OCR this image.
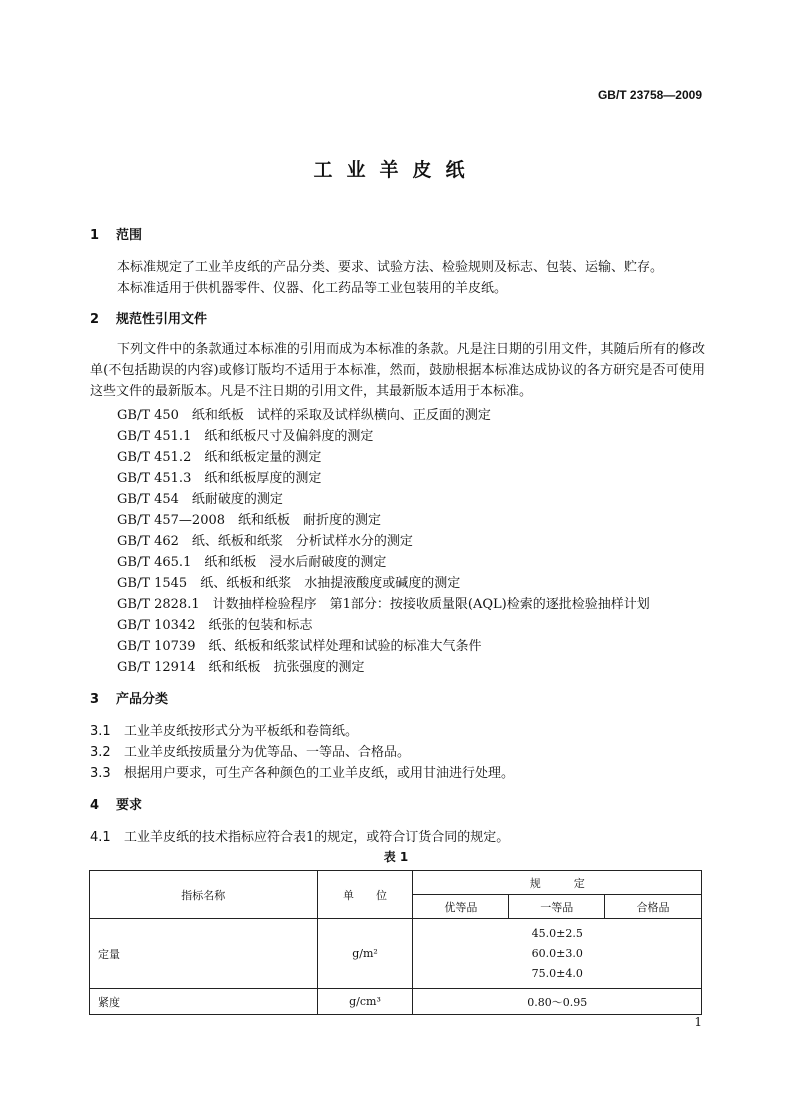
GB/T 23758—2009
工业羊皮纸
1 范围
本标准规定了工业羊皮纸的产品分类、要求、试验方法、检验规则及标志、包装、运输、贮存。
本标准适用于供机器零件、仪器、化工药品等工业包装用的羊皮纸。
2 规范性引用文件
下列文件中的条款通过本标准的引用而成为本标准的条款。凡是注日期的引用文件，其随后所有的修改单(不包括勘误的内容)或修订版均不适用于本标准，然而，鼓励根据本标准达成协议的各方研究是否可使用这些文件的最新版本。凡是不注日期的引用文件，其最新版本适用于本标准。
GB/T 450　纸和纸板　试样的采取及试样纵横向、正反面的测定
GB/T 451.1　纸和纸板尺寸及偏斜度的测定
GB/T 451.2　纸和纸板定量的测定
GB/T 451.3　纸和纸板厚度的测定
GB/T 454　纸耐破度的测定
GB/T 457—2008　纸和纸板　耐折度的测定
GB/T 462　纸、纸板和纸浆　分析试样水分的测定
GB/T 465.1　纸和纸板　浸水后耐破度的测定
GB/T 1545　纸、纸板和纸浆　水抽提液酸度或碱度的测定
GB/T 2828.1　计数抽样检验程序　第1部分：按接收质量限(AQL)检索的逐批检验抽样计划
GB/T 10342　纸张的包装和标志
GB/T 10739　纸、纸板和纸浆试样处理和试验的标准大气条件
GB/T 12914　纸和纸板　抗张强度的测定
3 产品分类
3.1 工业羊皮纸按形式分为平板纸和卷筒纸。
3.2 工业羊皮纸按质量分为优等品、一等品、合格品。
3.3 根据用户要求，可生产各种颜色的工业羊皮纸，或用甘油进行处理。
4 要求
4.1 工业羊皮纸的技术指标应符合表1的规定，或符合订货合同的规定。
表 1
指标名称	单　　位	规　　　定		
		优等品	一等品	合格品
定量	g/m²	45.0±2.5
60.0±3.0
75.0±4.0		

紧度	g/cm³	0.80～0.95		
1
